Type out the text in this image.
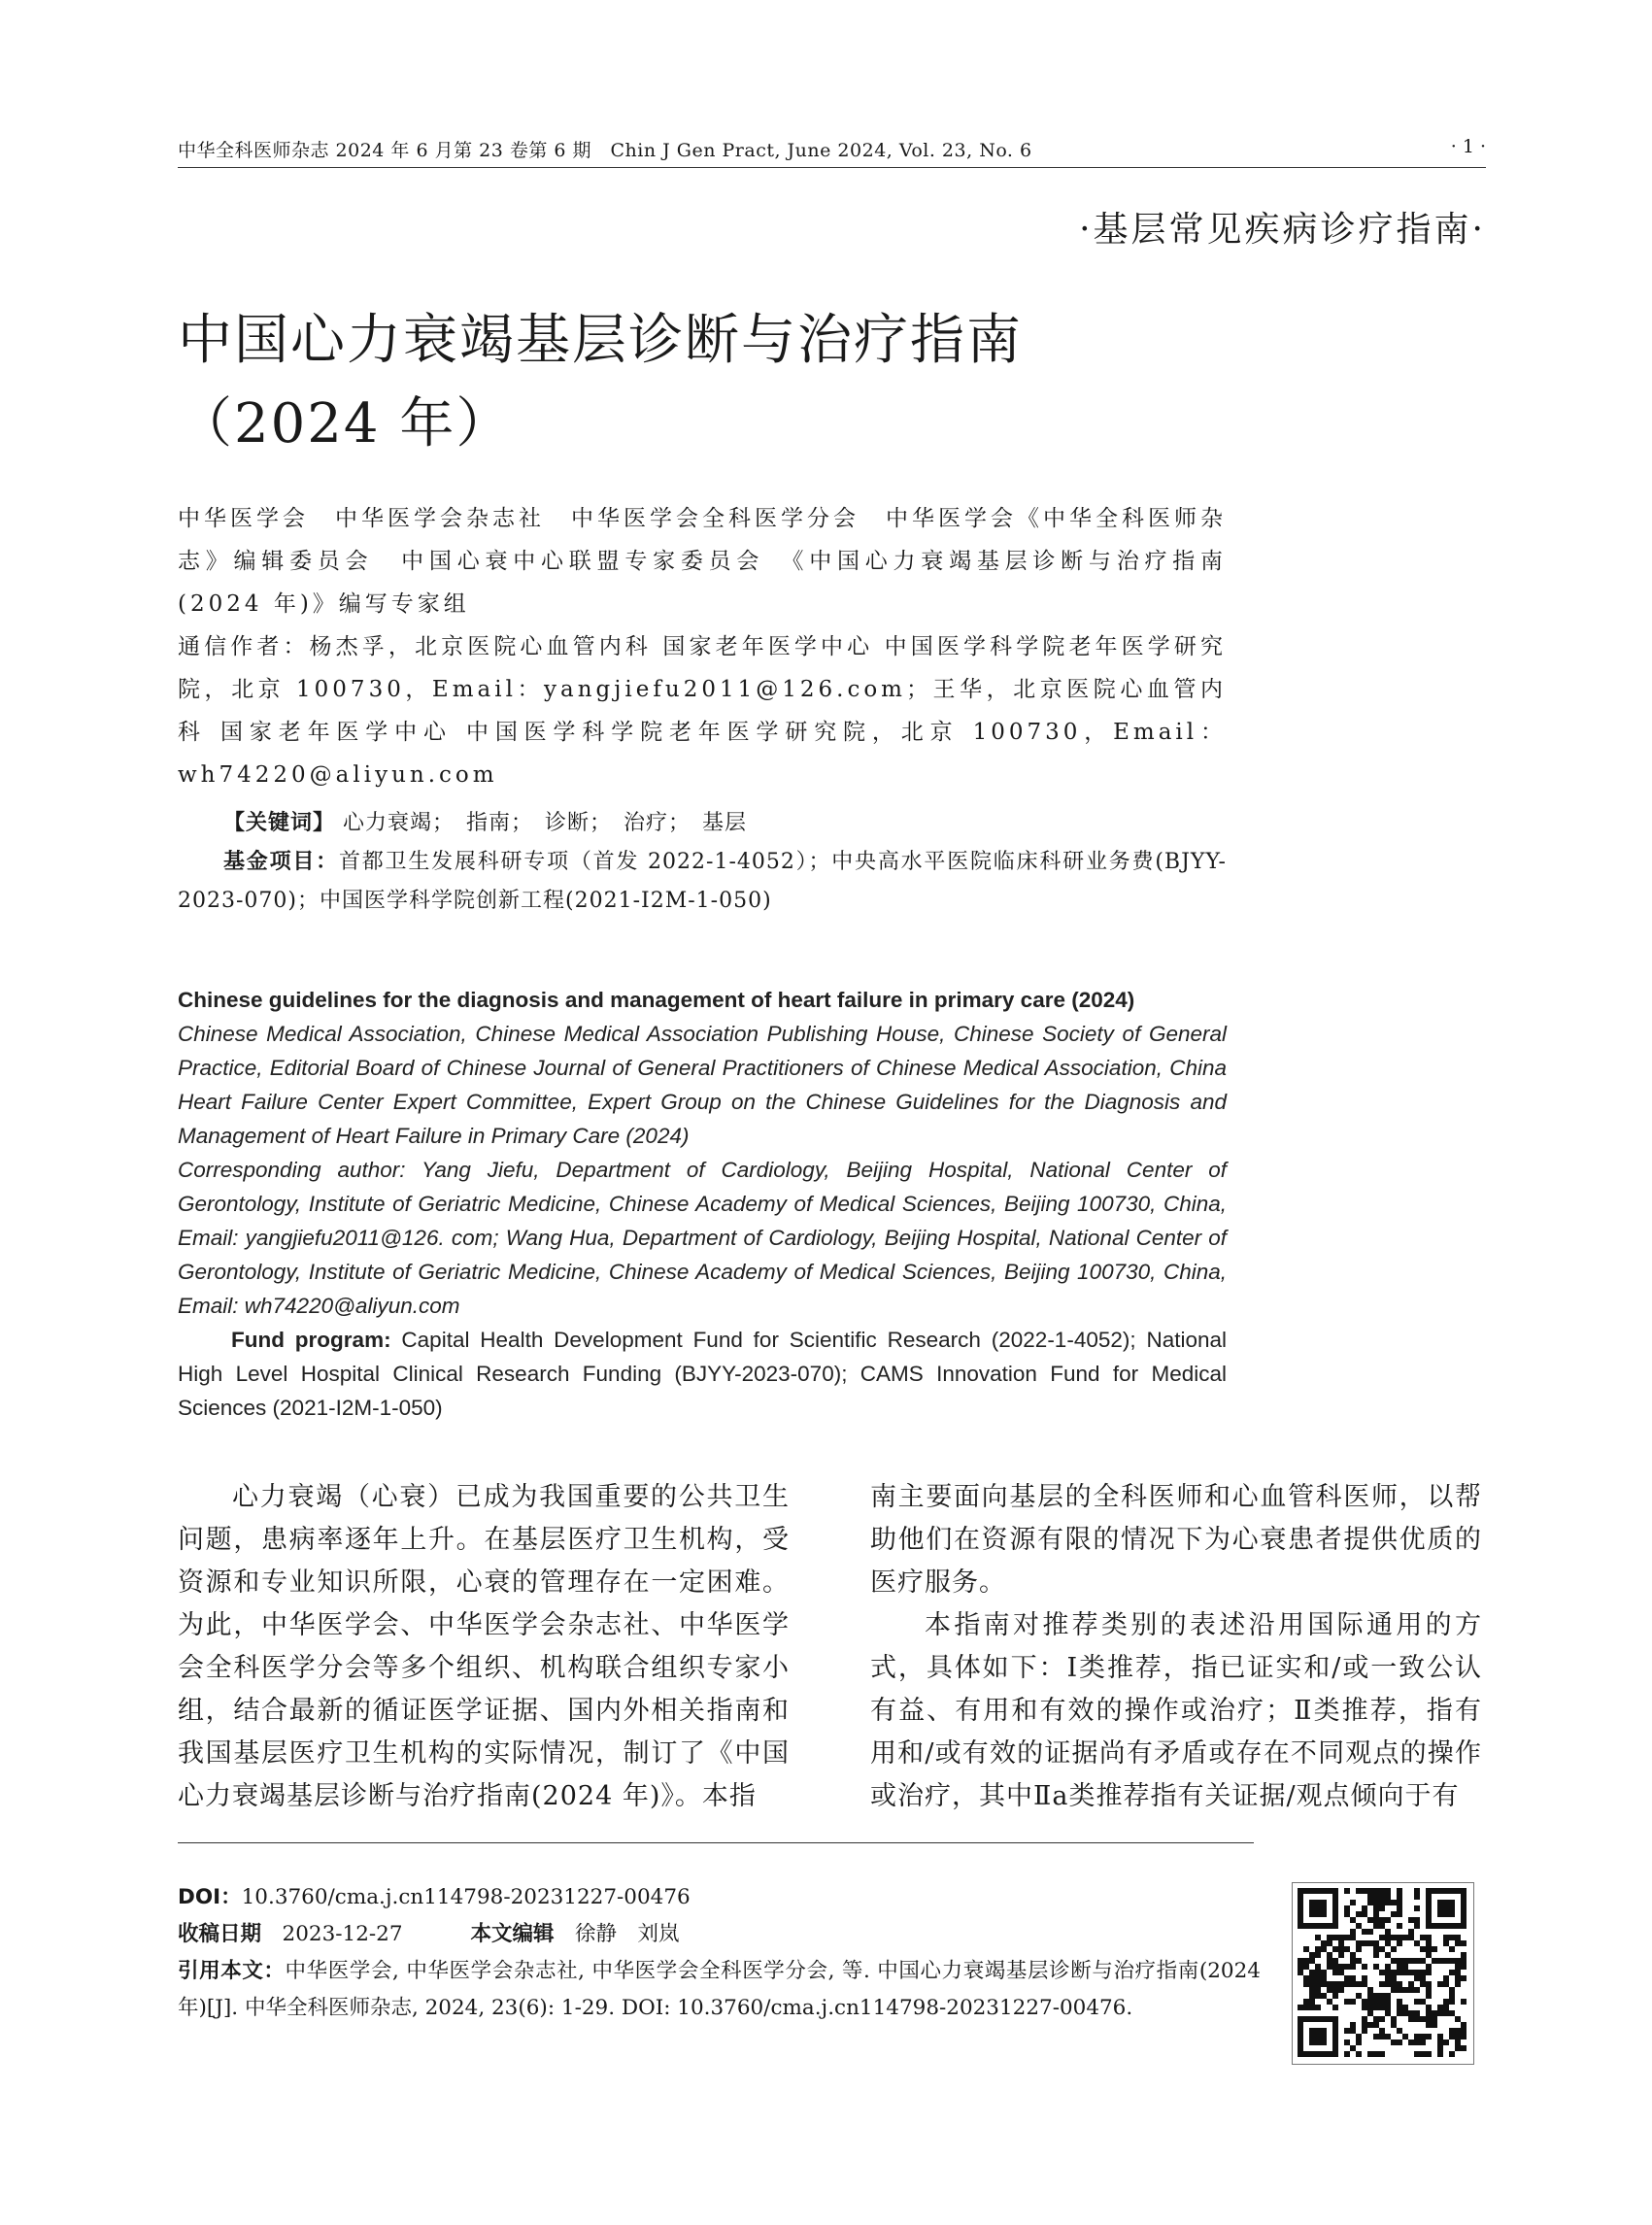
中华全科医师杂志 2024 年 6 月第 23 卷第 6 期　Chin J Gen Pract, June 2024, Vol. 23, No. 6	· 1 ·
·基层常见疾病诊疗指南·
中国心力衰竭基层诊断与治疗指南
（2024 年）

中华医学会　中华医学会杂志社　中华医学会全科医学分会　中华医学会《中华全科医师杂志》编辑委员会　中国心衰中心联盟专家委员会　《中国心力衰竭基层诊断与治疗指南(2024 年)》编写专家组

通信作者：杨杰孚，北京医院心血管内科 国家老年医学中心 中国医学科学院老年医学研究院，北京 100730，Email：yangjiefu2011@126.com；王华，北京医院心血管内科 国家老年医学中心 中国医学科学院老年医学研究院，北京 100730，Email：wh74220@aliyun.com

【关键词】 心力衰竭；　指南；　诊断；　治疗；　基层
基金项目：首都卫生发展科研专项（首发 2022-1-4052）；中央高水平医院临床科研业务费(BJYY-2023-070)；中国医学科学院创新工程(2021-I2M-1-050)

Chinese guidelines for the diagnosis and management of heart failure in primary care (2024)

Chinese Medical Association, Chinese Medical Association Publishing House, Chinese Society of General Practice, Editorial Board of Chinese Journal of General Practitioners of Chinese Medical Association, China Heart Failure Center Expert Committee, Expert Group on the Chinese Guidelines for the Diagnosis and Management of Heart Failure in Primary Care (2024)

Corresponding author: Yang Jiefu, Department of Cardiology, Beijing Hospital, National Center of Gerontology, Institute of Geriatric Medicine, Chinese Academy of Medical Sciences, Beijing 100730, China, Email: yangjiefu2011@126. com; Wang Hua, Department of Cardiology, Beijing Hospital, National Center of Gerontology, Institute of Geriatric Medicine, Chinese Academy of Medical Sciences, Beijing 100730, China, Email: wh74220@aliyun.com

Fund program: Capital Health Development Fund for Scientific Research (2022-1-4052); National High Level Hospital Clinical Research Funding (BJYY-2023-070); CAMS Innovation Fund for Medical Sciences (2021-I2M-1-050)

心力衰竭（心衰）已成为我国重要的公共卫生问题，患病率逐年上升。在基层医疗卫生机构，受资源和专业知识所限，心衰的管理存在一定困难。为此，中华医学会、中华医学会杂志社、中华医学会全科医学分会等多个组织、机构联合组织专家小组，结合最新的循证医学证据、国内外相关指南和我国基层医疗卫生机构的实际情况，制订了《中国心力衰竭基层诊断与治疗指南(2024 年)》。本指

南主要面向基层的全科医师和心血管科医师，以帮助他们在资源有限的情况下为心衰患者提供优质的医疗服务。

本指南对推荐类别的表述沿用国际通用的方式，具体如下：Ⅰ类推荐，指已证实和/或一致公认有益、有用和有效的操作或治疗；Ⅱ类推荐，指有用和/或有效的证据尚有矛盾或存在不同观点的操作或治疗，其中Ⅱa类推荐指有关证据/观点倾向于有

DOI：10.3760/cma.j.cn114798-20231227-00476

收稿日期　 2023-12-27	本文编辑　 徐静　刘岚

引用本文：中华医学会, 中华医学会杂志社, 中华医学会全科医学分会, 等. 中国心力衰竭基层诊断与治疗指南(2024 年)[J]. 中华全科医师杂志, 2024, 23(6): 1-29. DOI: 10.3760/cma.j.cn114798-20231227-00476.
